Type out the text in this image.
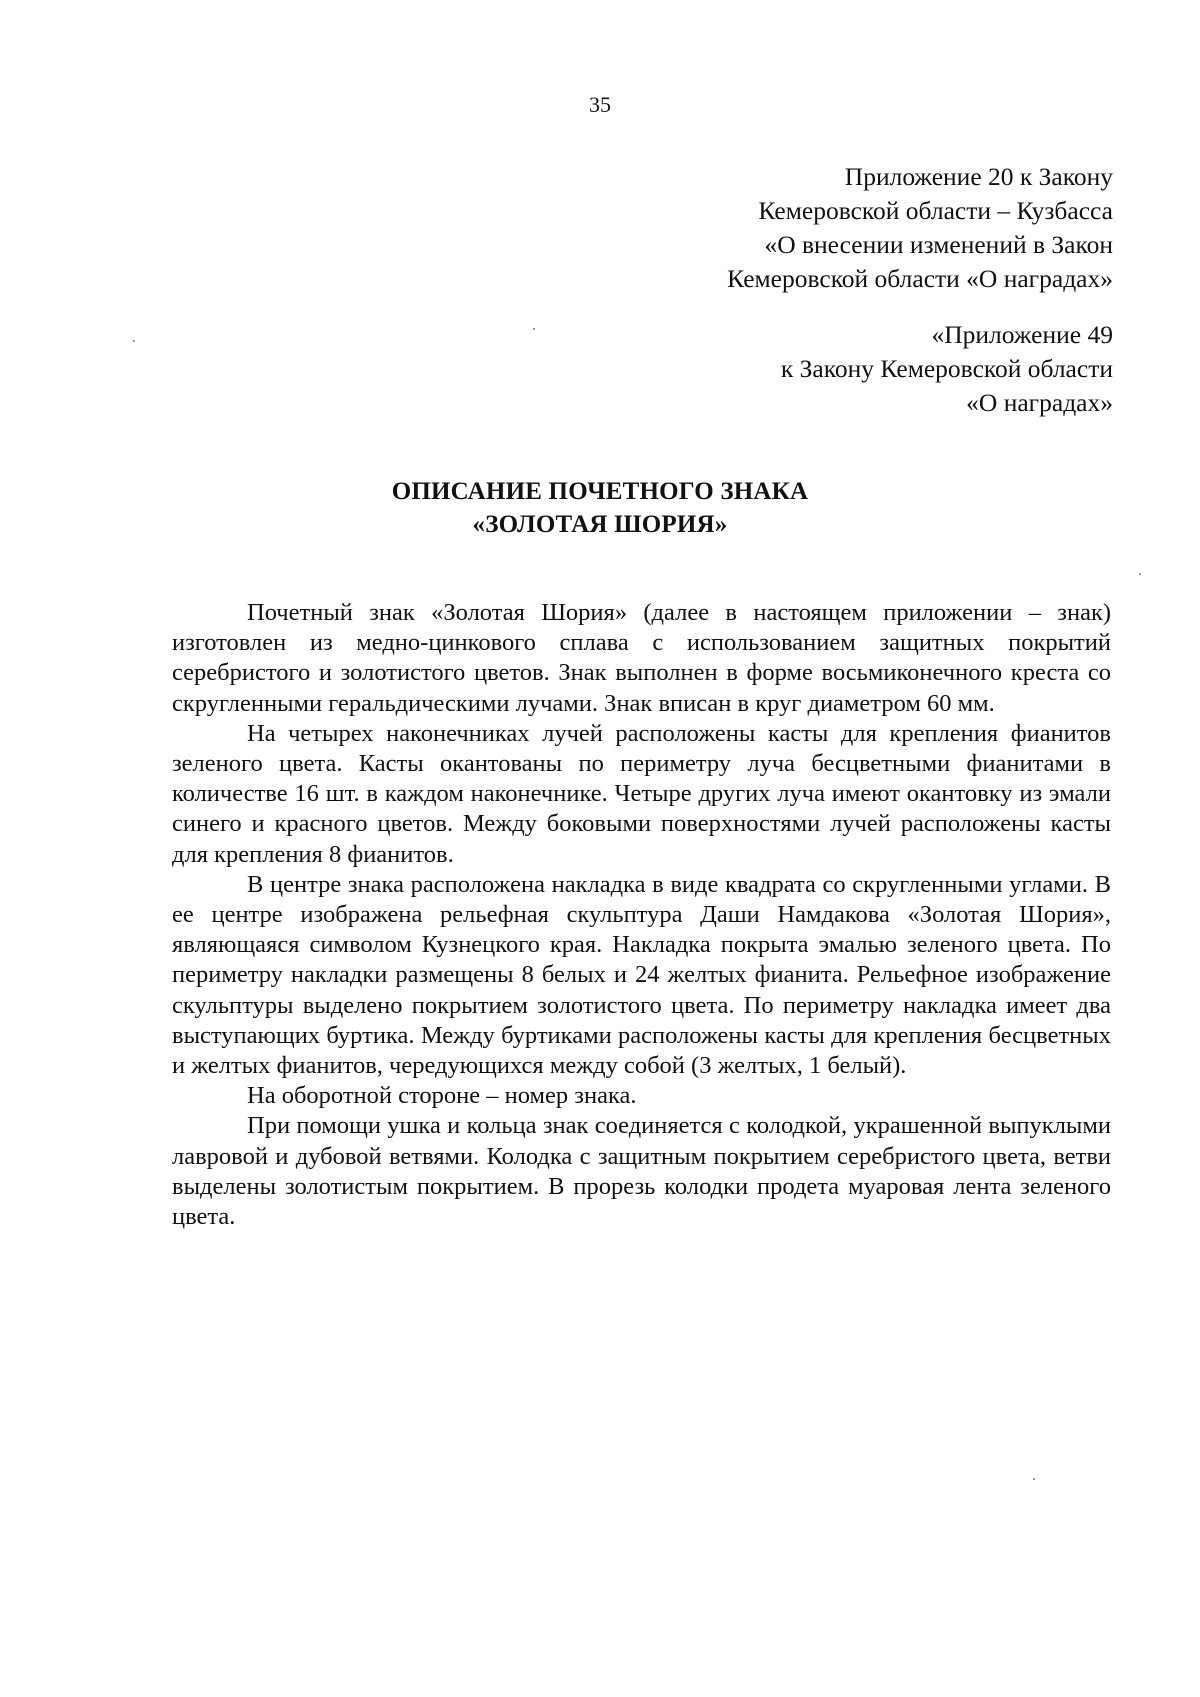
35
Приложение 20 к Закону
Кемеровской области – Кузбасса
«О внесении изменений в Закон
Кемеровской области «О наградах»
«Приложение 49
к Закону Кемеровской области
«О наградах»
ОПИСАНИЕ ПОЧЕТНОГО ЗНАКА
«ЗОЛОТАЯ ШОРИЯ»

Почетный знак «Золотая Шория» (далее в настоящем приложении – знак) изготовлен из медно-цинкового сплава с использованием защитных покрытий серебристого и золотистого цветов. Знак выполнен в форме восьмиконечного креста со скругленными геральдическими лучами. Знак вписан в круг диаметром 60 мм.

На четырех наконечниках лучей расположены касты для крепления фианитов зеленого цвета. Касты окантованы по периметру луча бесцветными фианитами в количестве 16 шт. в каждом наконечнике. Четыре других луча имеют окантовку из эмали синего и красного цветов. Между боковыми поверхностями лучей расположены касты для крепления 8 фианитов.

В центре знака расположена накладка в виде квадрата со скругленными углами. В ее центре изображена рельефная скульптура Даши Намдакова «Золотая Шория», являющаяся символом Кузнецкого края. Накладка покрыта эмалью зеленого цвета. По периметру накладки размещены 8 белых и 24 желтых фианита. Рельефное изображение скульптуры выделено покрытием золотистого цвета. По периметру накладка имеет два выступающих буртика. Между буртиками расположены касты для крепления бесцветных и желтых фианитов, чередующихся между собой (3 желтых, 1 белый).

На оборотной стороне – номер знака.

При помощи ушка и кольца знак соединяется с колодкой, украшенной выпуклыми лавровой и дубовой ветвями. Колодка с защитным покрытием серебристого цвета, ветви выделены золотистым покрытием. В прорезь колодки продета муаровая лента зеленого цвета.
